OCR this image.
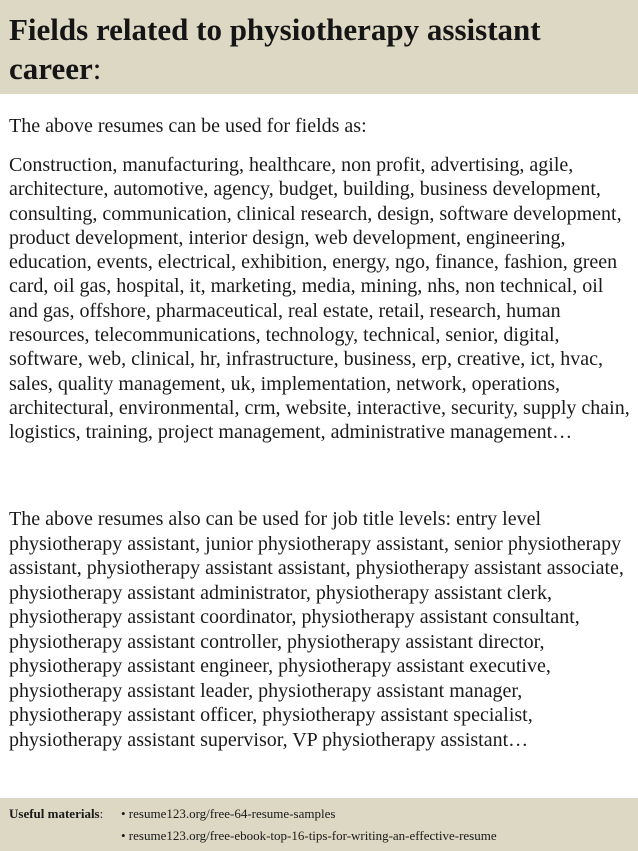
Fields related to physiotherapy assistant career:

The above resumes can be used for fields as:

Construction, manufacturing, healthcare, non profit, advertising, agile, architecture, automotive, agency, budget, building, business development, consulting, communication, clinical research, design, software development, product development, interior design, web development, engineering, education, events, electrical, exhibition, energy, ngo, finance, fashion, green card, oil gas, hospital, it, marketing, media, mining, nhs, non technical, oil and gas, offshore, pharmaceutical, real estate, retail, research, human resources, telecommunications, technology, technical, senior, digital, software, web, clinical, hr, infrastructure, business, erp, creative, ict, hvac, sales, quality management, uk, implementation, network, operations, architectural, environmental, crm, website, interactive, security, supply chain, logistics, training, project management, administrative management…

The above resumes also can be used for job title levels: entry level physiotherapy assistant, junior physiotherapy assistant, senior physiotherapy assistant, physiotherapy assistant assistant, physiotherapy assistant associate, physiotherapy assistant administrator, physiotherapy assistant clerk, physiotherapy assistant coordinator, physiotherapy assistant consultant, physiotherapy assistant controller, physiotherapy assistant director, physiotherapy assistant engineer, physiotherapy assistant executive, physiotherapy assistant leader, physiotherapy assistant manager, physiotherapy assistant officer, physiotherapy assistant specialist, physiotherapy assistant supervisor, VP physiotherapy assistant…

Useful materials: • resume123.org/free-64-resume-samples
• resume123.org/free-ebook-top-16-tips-for-writing-an-effective-resume
